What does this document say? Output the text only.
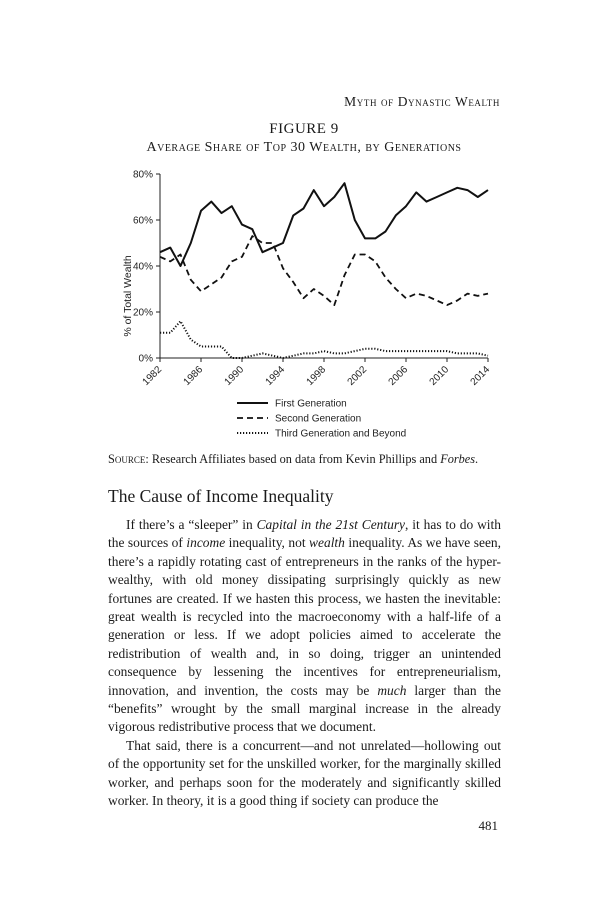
Myth of Dynastic Wealth
FIGURE 9
Average Share of Top 30 Wealth, by Generations
0%
20%
40%
60%
80%
1982 1986 1990 1994 1998 2002 2006 2010 2014
% of Total Wealth
First Generation
Second Generation
Third Generation and Beyond
Source: Research Affiliates based on data from Kevin Phillips and Forbes.
The Cause of Income Inequality

If there’s a “sleeper” in Capital in the 21st Century, it has to do with the sources of income inequality, not wealth inequality. As we have seen, there’s a rapidly rotating cast of entrepreneurs in the ranks of the hyper-wealthy, with old money dissipating surprisingly quickly as new fortunes are created. If we hasten this process, we hasten the inevitable: great wealth is recycled into the macroeconomy with a half-life of a generation or less. If we adopt policies aimed to accelerate the redistribution of wealth and, in so doing, trigger an unintended consequence by lessening the incentives for entrepreneurialism, innovation, and invention, the costs may be much larger than the “benefits” wrought by the small marginal increase in the already vigorous redistributive process that we document.

That said, there is a concurrent—and not unrelated—hollowing out of the opportunity set for the unskilled worker, for the marginally skilled worker, and perhaps soon for the moderately and significantly skilled worker. In theory, it is a good thing if society can produce the

481
